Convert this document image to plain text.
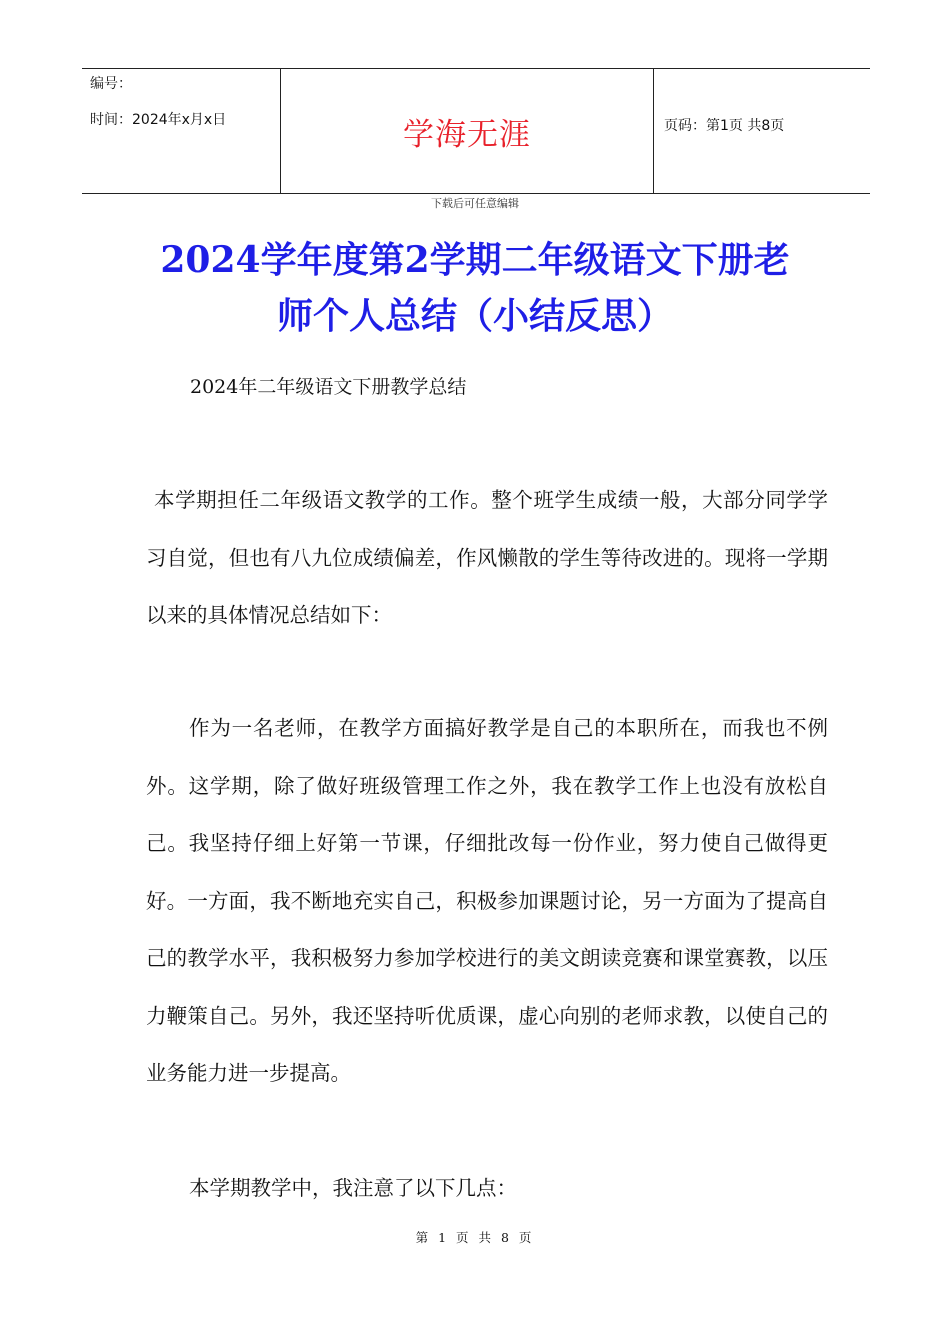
编号：
时间：2024年x月x日	学海无涯	页码：第1页 共8页
下载后可任意编辑
2024学年度第2学期二年级语文下册老师个人总结（小结反思）

2024年二年级语文下册教学总结

本学期担任二年级语文教学的工作。整个班学生成绩一般，大部分同学学习自觉，但也有八九位成绩偏差，作风懒散的学生等待改进的。现将一学期以来的具体情况总结如下：

作为一名老师，在教学方面搞好教学是自己的本职所在，而我也不例外。这学期，除了做好班级管理工作之外，我在教学工作上也没有放松自己。我坚持仔细上好第一节课，仔细批改每一份作业，努力使自己做得更好。一方面，我不断地充实自己，积极参加课题讨论，另一方面为了提高自己的教学水平，我积极努力参加学校进行的美文朗读竞赛和课堂赛教，以压力鞭策自己。另外，我还坚持听优质课，虚心向别的老师求教，以使自己的业务能力进一步提高。

本学期教学中，我注意了以下几点：

第 1 页 共 8 页
